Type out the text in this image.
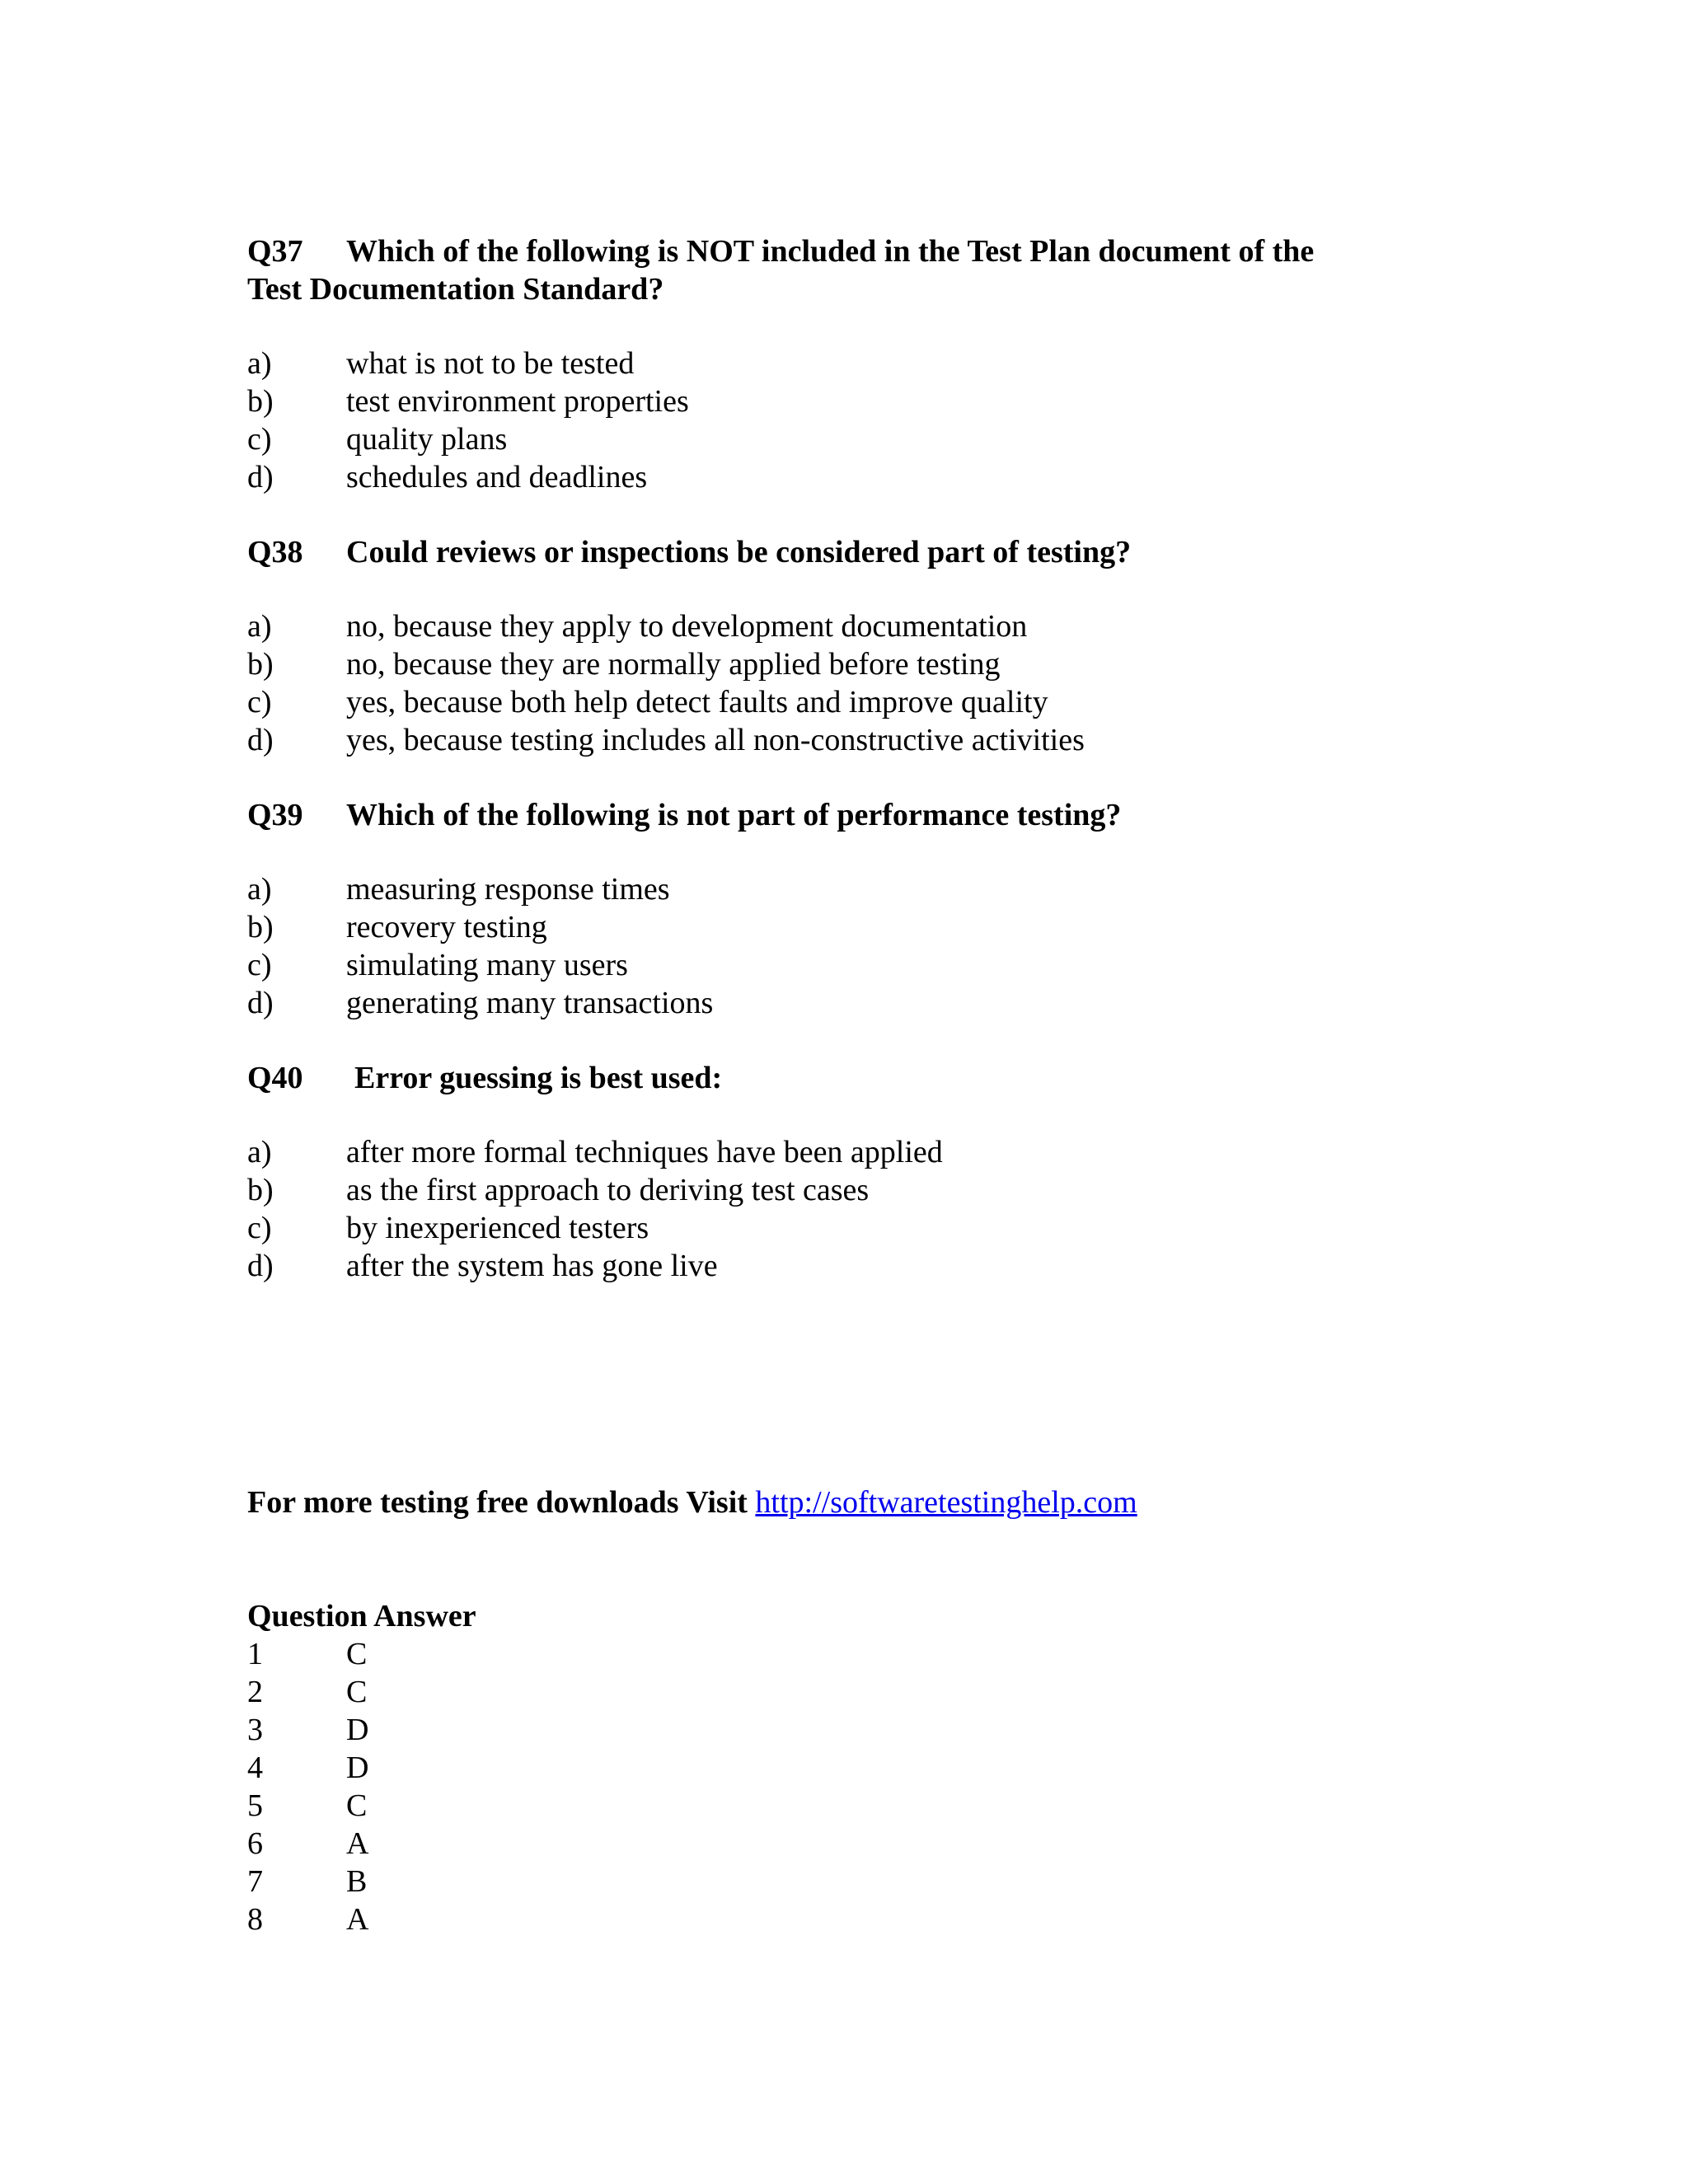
Q37	Which of the following is NOT included in the Test Plan document of the
Test Documentation Standard?
a)	what is not to be tested
b)	test environment properties
c)	quality plans
d)	schedules and deadlines
Q38	Could reviews or inspections be considered part of testing?
a)	no, because they apply to development documentation
b)	no, because they are normally applied before testing
c)	yes, because both help detect faults and improve quality
d)	yes, because testing includes all non-constructive activities
Q39	Which of the following is not part of performance testing?
a)	measuring response times
b)	recovery testing
c)	simulating many users
d)	generating many transactions
Q40	Error guessing is best used:
a)	after more formal techniques have been applied
b)	as the first approach to deriving test cases
c)	by inexperienced testers
d)	after the system has gone live
For more testing free downloads Visit http://softwaretestinghelp.com
Question Answer
1	C
2	C
3	D
4	D
5	C
6	A
7	B
8	A
